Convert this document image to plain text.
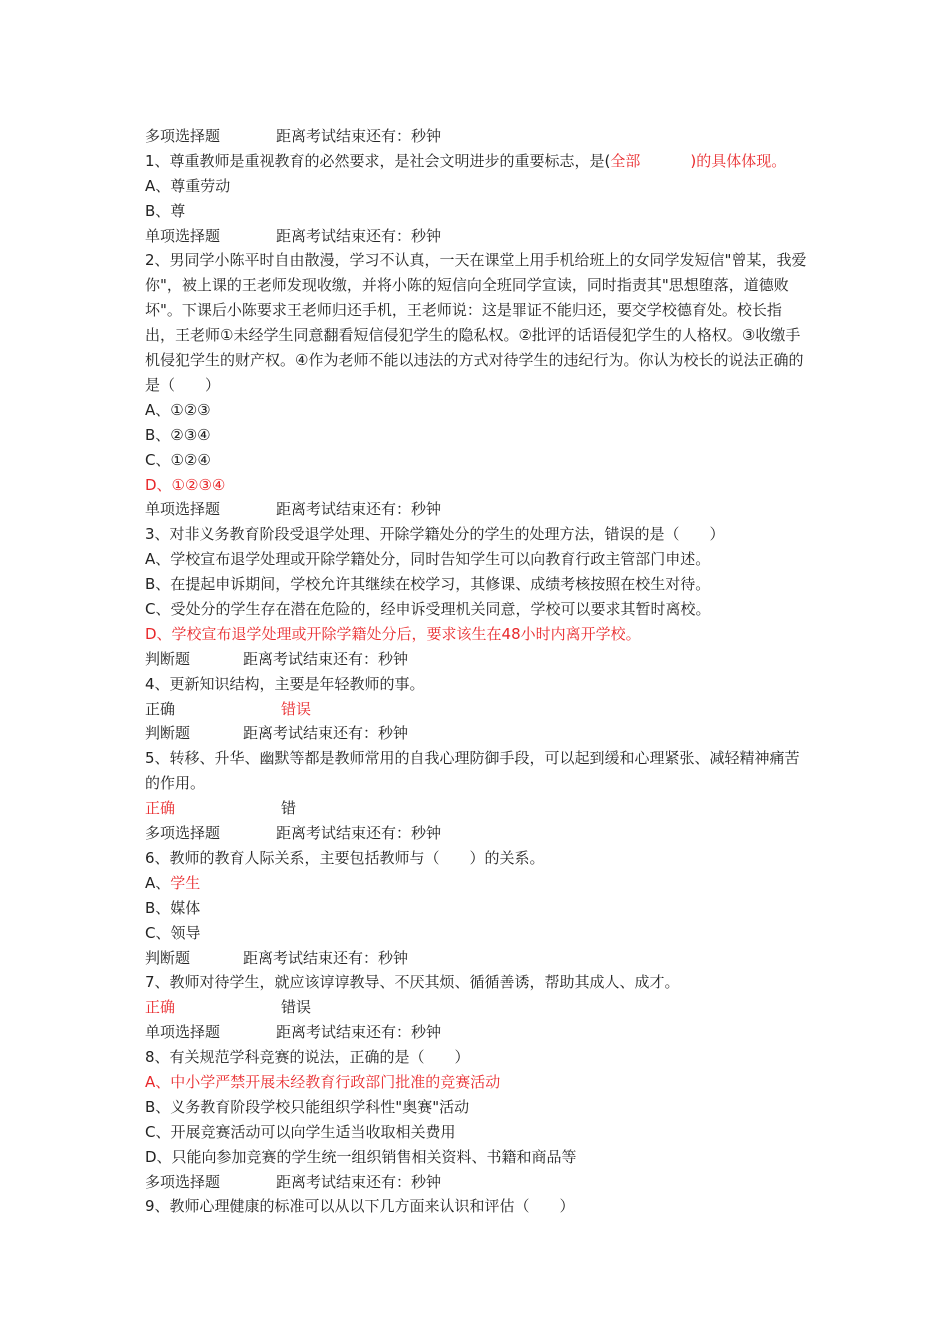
多项选择题	距离考试结束还有：秒钟
1、尊重教师是重视教育的必然要求，是社会文明进步的重要标志，是(全部	)的具体体现。
A、尊重劳动
B、尊
单项选择题	距离考试结束还有：秒钟
2、男同学小陈平时自由散漫，学习不认真，一天在课堂上用手机给班上的女同学发短信"曾某，我爱你"，被上课的王老师发现收缴，并将小陈的短信向全班同学宣读，同时指责其"思想堕落，道德败坏"。下课后小陈要求王老师归还手机，王老师说：这是罪证不能归还，要交学校德育处。校长指出，王老师①未经学生同意翻看短信侵犯学生的隐私权。②批评的话语侵犯学生的人格权。③收缴手机侵犯学生的财产权。④作为老师不能以违法的方式对待学生的违纪行为。你认为校长的说法正确的是（　　）
A、①②③
B、②③④
C、①②④
D、①②③④
单项选择题	距离考试结束还有：秒钟
3、对非义务教育阶段受退学处理、开除学籍处分的学生的处理方法，错误的是（　　）
A、学校宣布退学处理或开除学籍处分，同时告知学生可以向教育行政主管部门申述。
B、在提起申诉期间，学校允许其继续在校学习，其修课、成绩考核按照在校生对待。
C、受处分的学生存在潜在危险的，经申诉受理机关同意，学校可以要求其暂时离校。
D、学校宣布退学处理或开除学籍处分后，要求该生在48小时内离开学校。
判断题	距离考试结束还有：秒钟
4、更新知识结构，主要是年轻教师的事。
正确	错误
判断题	距离考试结束还有：秒钟
5、转移、升华、幽默等都是教师常用的自我心理防御手段，可以起到缓和心理紧张、减轻精神痛苦的作用。
正确	错
多项选择题	距离考试结束还有：秒钟
6、教师的教育人际关系，主要包括教师与（　　）的关系。
A、学生
B、媒体
C、领导
判断题	距离考试结束还有：秒钟
7、教师对待学生，就应该谆谆教导、不厌其烦、循循善诱，帮助其成人、成才。
正确	错误
单项选择题	距离考试结束还有：秒钟
8、有关规范学科竞赛的说法，正确的是（　　）
A、中小学严禁开展未经教育行政部门批准的竞赛活动
B、义务教育阶段学校只能组织学科性"奥赛"活动
C、开展竞赛活动可以向学生适当收取相关费用
D、只能向参加竞赛的学生统一组织销售相关资料、书籍和商品等
多项选择题	距离考试结束还有：秒钟
9、教师心理健康的标准可以从以下几方面来认识和评估（　　）
